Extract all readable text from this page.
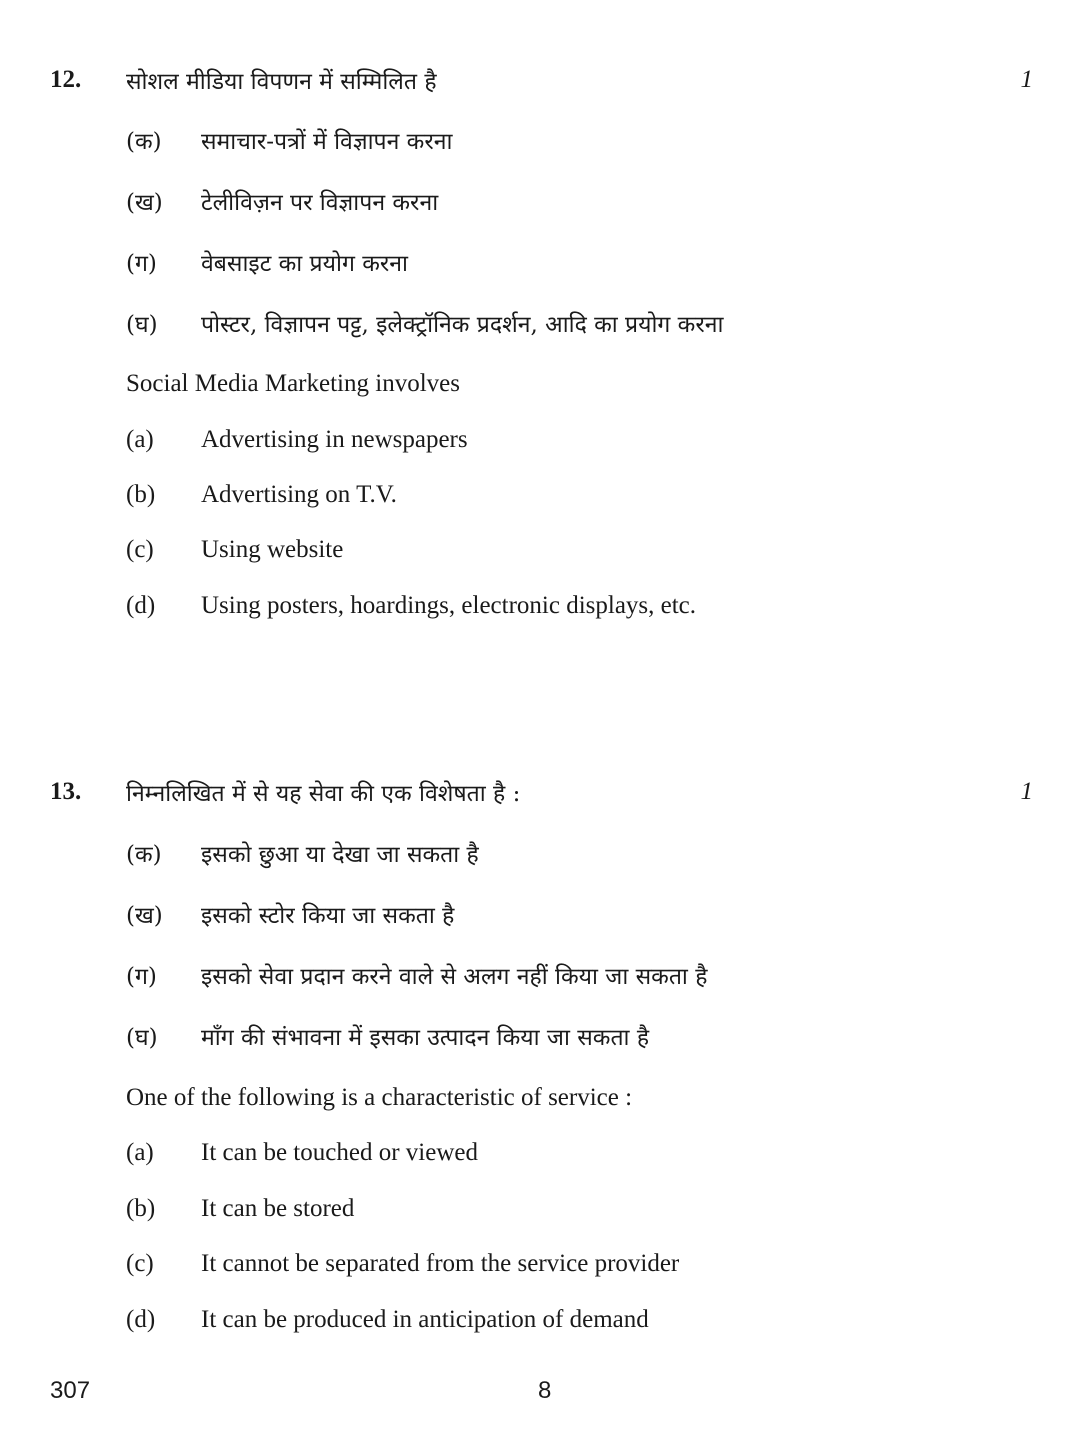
12. सोशल मीडिया विपणन में सम्मिलित है	1
(क) समाचार-पत्रों में विज्ञापन करना
(ख) टेलीविज़न पर विज्ञापन करना
(ग) वेबसाइट का प्रयोग करना
(घ) पोस्टर, विज्ञापन पट्ट, इलेक्ट्रॉनिक प्रदर्शन, आदि का प्रयोग करना
Social Media Marketing involves
(a) Advertising in newspapers
(b) Advertising on T.V.
(c) Using website
(d) Using posters, hoardings, electronic displays, etc.
13. निम्नलिखित में से यह सेवा की एक विशेषता है :	1
(क) इसको छुआ या देखा जा सकता है
(ख) इसको स्टोर किया जा सकता है
(ग) इसको सेवा प्रदान करने वाले से अलग नहीं किया जा सकता है
(घ) माँग की संभावना में इसका उत्पादन किया जा सकता है
One of the following is a characteristic of service :
(a) It can be touched or viewed
(b) It can be stored
(c) It cannot be separated from the service provider
(d) It can be produced in anticipation of demand
307	8
